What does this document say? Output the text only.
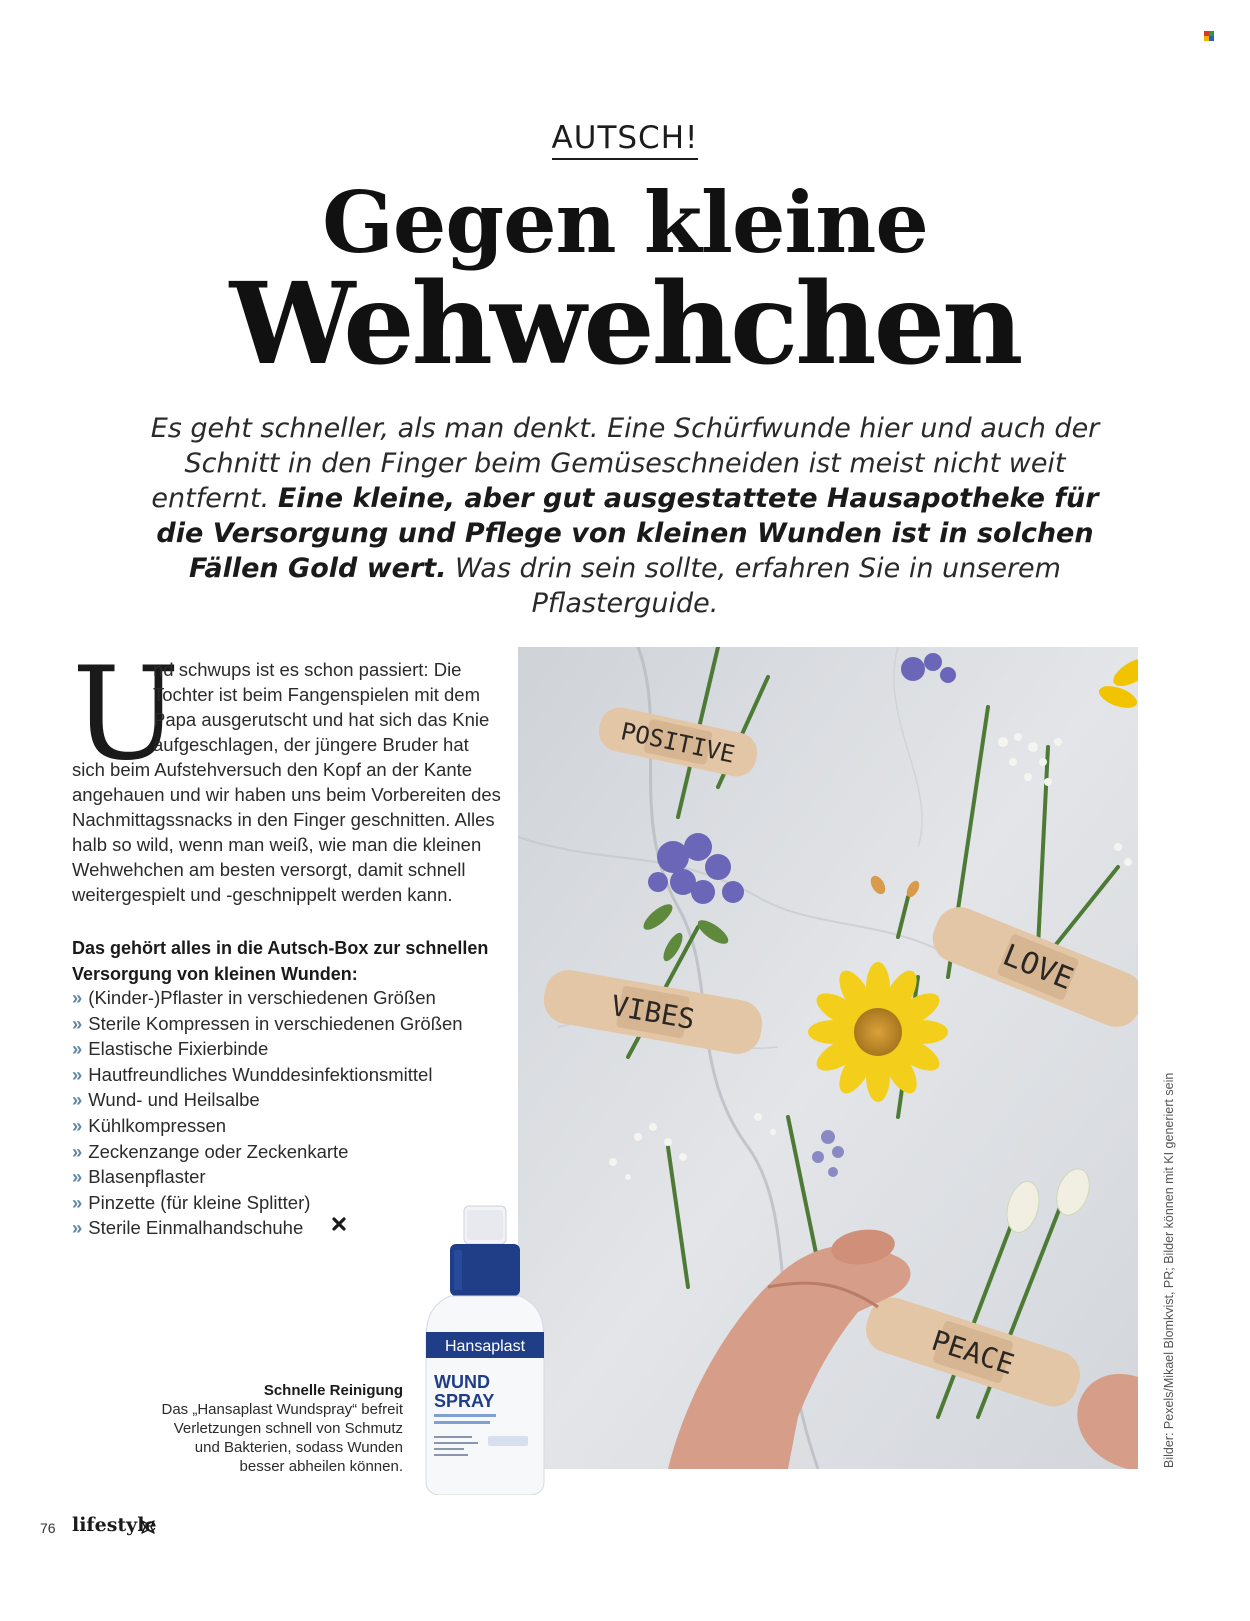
AUTSCH!
Gegen kleine
Wehwehchen
Es geht schneller, als man denkt. Eine Schürfwunde hier und auch der Schnitt in den Finger beim Gemüseschneiden ist meist nicht weit entfernt. Eine kleine, aber gut ausgestattete Hausapotheke für die Versorgung und Pflege von kleinen Wunden ist in solchen Fällen Gold wert. Was drin sein sollte, erfahren Sie in unserem Pflasterguide.
U
nd schwups ist es schon passiert: Die
Tochter ist beim Fangenspielen mit dem
Papa ausgerutscht und hat sich das Knie
aufgeschlagen, der jüngere Bruder hat
sich beim Aufstehversuch den Kopf an der Kante
angehauen und wir haben uns beim Vorbereiten des
Nachmittagssnacks in den Finger geschnitten. Alles
halb so wild, wenn man weiß, wie man die kleinen
Wehwehchen am besten versorgt, damit schnell
weitergespielt und -geschnippelt werden kann.
Das gehört alles in die Autsch-Box zur schnellen Versorgung von kleinen Wunden:
» (Kinder-)Pflaster in verschiedenen Größen
» Sterile Kompressen in verschiedenen Größen
» Elastische Fixierbinde
» Hautfreundliches Wunddesinfektionsmittel
» Wund- und Heilsalbe
» Kühlkompressen
» Zeckenzange oder Zeckenkarte
» Blasenpflaster
» Pinzette (für kleine Splitter)
» Sterile Einmalhandschuhe
POSITIVE
VIBES
LOVE
PEACE
Hansaplast
WUND
SPRAY
Schnelle Reinigung
Das „Hansaplast Wundspray“ befreit Verletzungen schnell von Schmutz und Bakterien, sodass Wunden besser abheilen können.	Bilder: Pexels/Mikael Blomkvist, PR; Bilder können mit KI generiert sein
76 lifestyle
